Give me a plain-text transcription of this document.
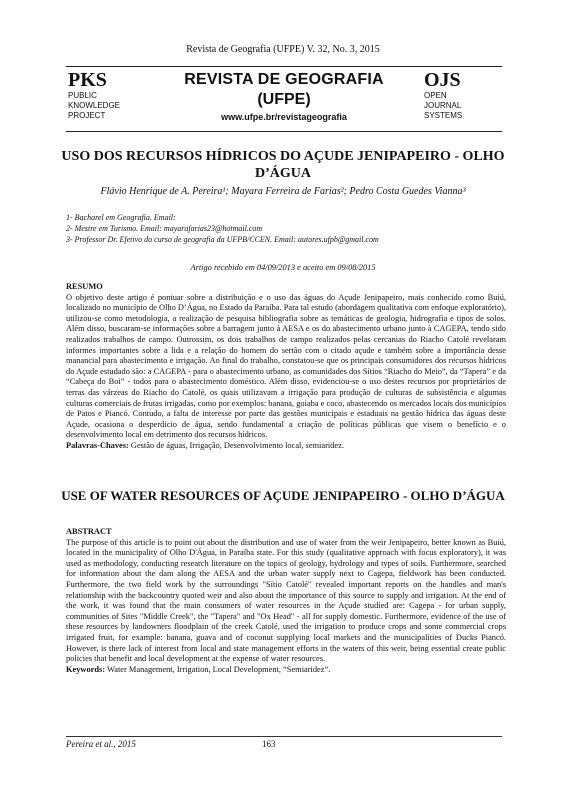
Revista de Geografia (UFPE) V. 32, No. 3, 2015
PKS
PUBLIC
KNOWLEDGE
PROJECT
REVISTA DE GEOGRAFIA
(UFPE)
www.ufpe.br/revistageografia
OJS
OPEN
JOURNAL
SYSTEMS
USO DOS RECURSOS HÍDRICOS DO AÇUDE JENIPAPEIRO - OLHO D’ÁGUA
Flávio Henrique de A. Pereira¹; Mayara Ferreira de Farias²; Pedro Costa Guedes Vianna³
1- Bacharel em Geografia. Email:
2- Mestre em Turismo. Email: mayarafarias23@hotmail.com
3- Professor Dr. Efetivo do curso de geografia da UFPB/CCEN. Email: autores.ufpb@gmail.com
Artigo recebido em 04/09/2013 e aceito em 09/08/2015
RESUMO
O objetivo deste artigo é pontuar sobre a distribuição e o uso das águas do Açude Jenipapeiro, mais conhecido como Buiú, localizado no município de Olho D’Água, no Estado da Paraíba. Para tal estudo (abordagem qualitativa com enfoque exploratório), utilizou-se como metodologia, a realização de pesquisa bibliografia sobre as temáticas de geologia, hidrografia e tipos de solos. Além disso, buscaram-se informações sobre a barragem junto à AESA e os do abastecimento urbano junto à CAGEPA, tendo sido realizados trabalhos de campo. Outrossim, os dois trabalhos de campo realizados pelas cercanias do Riacho Catolé revelaram informes importantes sobre a lida e a relação do homem do sertão com o citado açude e também sobre a importância desse manancial para abastecimento e irrigação. Ao final do trabalho, constatou-se que os principais consumidores dos recursos hídricos do Açude estudado são: a CAGEPA - para o abastecimento urbano, as comunidades dos Sítios “Riacho do Meio”, da “Tapera” e da “Cabeça do Boi” - todos para o abastecimento doméstico. Além disso, evidenciou-se o uso destes recursos por proprietários de terras das várzeas do Riacho do Catolé, os quais utilizavam a irrigação para produção de culturas de subsistência e algumas culturas comerciais de frutas irrigadas, como por exemplos: banana, goiaba e coco, abastecendo os mercados locais dos municípios de Patos e Piancó. Contudo, a falta de interesse por parte das gestões municipais e estaduais na gestão hídrica das águas deste Açude, ocasiona o desperdício de água, sendo fundamental a criação de políticas públicas que visem o benefício e o desenvolvimento local em detrimento dos recursos hídricos.
Palavras-Chaves: Gestão de águas, Irrigação, Desenvolvimento local, semiaridez.
USE OF WATER RESOURCES OF AÇUDE JENIPAPEIRO - OLHO D’ÁGUA
ABSTRACT
The purpose of this article is to point out about the distribution and use of water from the weir Jenipapeiro, better known as Buiú, located in the municipality of Olho D'Água, in Paraíba state. For this study (qualitative approach with focus exploratory), it was used as methodology, conducting research literature on the topics of geology, hydrology and types of soils. Furthermore, searched for information about the dam along the AESA and the urban water supply next to Cagepa, fieldwork has been conducted. Furthermore, the two field work by the surroundings "Sítio Catolé" revealed important reports on the handles and man's relationship with the backcountry quoted weir and also about the importance of this source to supply and irrigation. At the end of the work, it was found that the main consumers of water resources in the Açude studied are: Cagepa - for urban supply, communities of Sites "Middle Creek", the "Tapera" and "Ox Head" - all for supply domestic. Furthermore, evidence of the use of these resources by landowners floodplain of the creek Catolé, used the irrigation to produce crops and some commercial crops irrigated fruit, for example: banana, guava and of coconut supplying local markets and the municipalities of Ducks Piancó. However, is there lack of interest from local and state management efforts in the waters of this weir, being essential create public policies that benefit and local development at the expense of water resources.
Keywords: Water Management, Irrigation, Local Development, “Semiaridez”.
Pereira et al., 2015	163
